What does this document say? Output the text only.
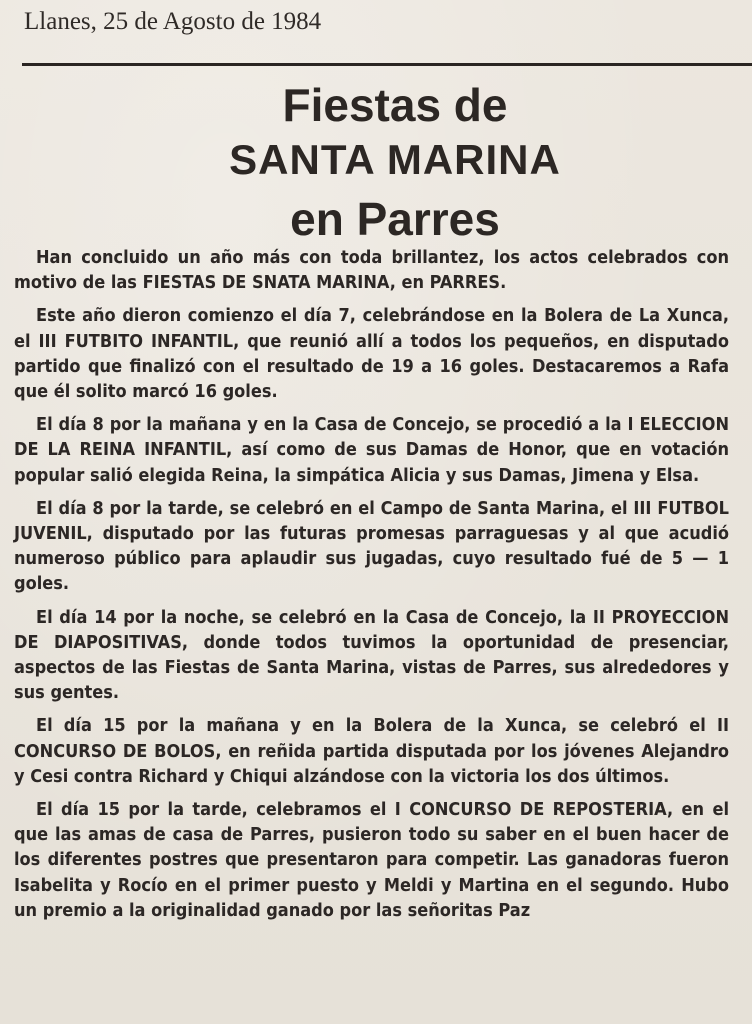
Llanes, 25 de Agosto de 1984
Fiestas de
SANTA MARINA
en Parres

Han concluido un año más con toda brillantez, los actos celebrados con motivo de las FIESTAS DE SNATA MARINA, en PARRES.

Este año dieron comienzo el día 7, celebrándose en la Bolera de La Xunca, el III FUTBITO INFANTIL, que reunió allí a todos los pequeños, en disputado partido que finalizó con el resultado de 19 a 16 goles. Destacaremos a Rafa que él solito marcó 16 goles.

El día 8 por la mañana y en la Casa de Concejo, se procedió a la I ELECCION DE LA REINA INFANTIL, así como de sus Damas de Honor, que en votación popular salió elegida Reina, la simpática Alicia y sus Damas, Jimena y Elsa.

El día 8 por la tarde, se celebró en el Campo de Santa Marina, el III FUTBOL JUVENIL, disputado por las futuras promesas parraguesas y al que acudió numeroso público para aplaudir sus jugadas, cuyo resultado fué de 5 — 1 goles.

El día 14 por la noche, se celebró en la Casa de Concejo, la II PROYECCION DE DIAPOSITIVAS, donde todos tuvimos la oportunidad de presenciar, aspectos de las Fiestas de Santa Marina, vistas de Parres, sus alrededores y sus gentes.

El día 15 por la mañana y en la Bolera de la Xunca, se celebró el II CONCURSO DE BOLOS, en reñida partida disputada por los jóvenes Alejandro y Cesi contra Richard y Chiqui alzándose con la victoria los dos últimos.

El día 15 por la tarde, celebramos el I CONCURSO DE REPOSTERIA, en el que las amas de casa de Parres, pusieron todo su saber en el buen hacer de los diferentes postres que presentaron para competir. Las ganadoras fueron Isabelita y Rocío en el primer puesto y Meldi y Martina en el segundo. Hubo un premio a la originalidad ganado por las señoritas Paz
